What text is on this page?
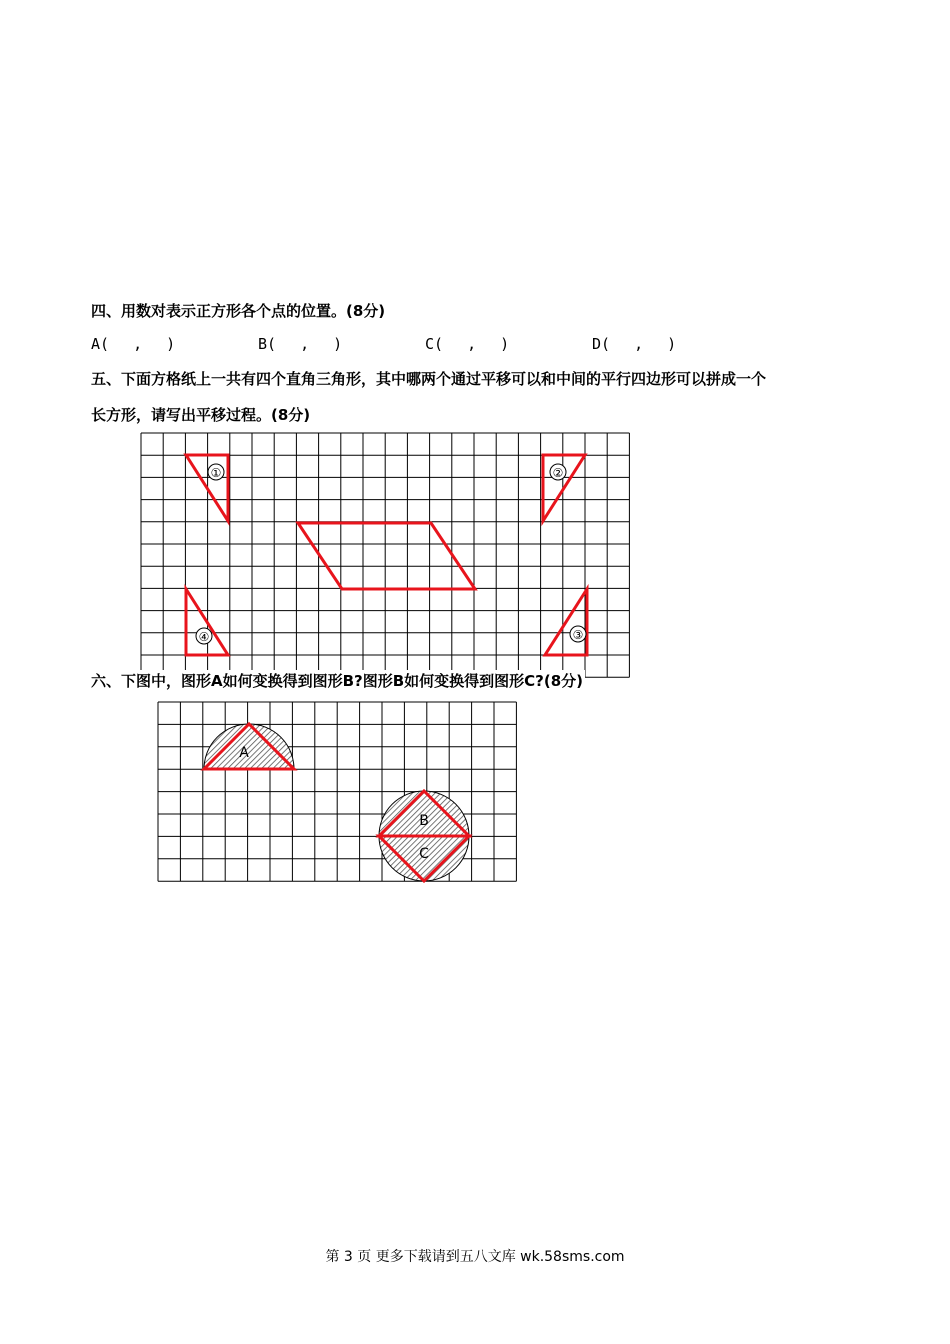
四、用数对表示正方形各个点的位置。(8分)
A(　 ,　 )	B(　 ,　 )	C(　 ,　 )	D(　 ,　 )
五、下面方格纸上一共有四个直角三角形，其中哪两个通过平移可以和中间的平行四边形可以拼成一个
长方形，请写出平移过程。(8分)
①	②
③
④
A
B
C
六、下图中，图形A如何变换得到图形B?图形B如何变换得到图形C?(8分)
第 3 页 更多下载请到五八文库 wk.58sms.com
